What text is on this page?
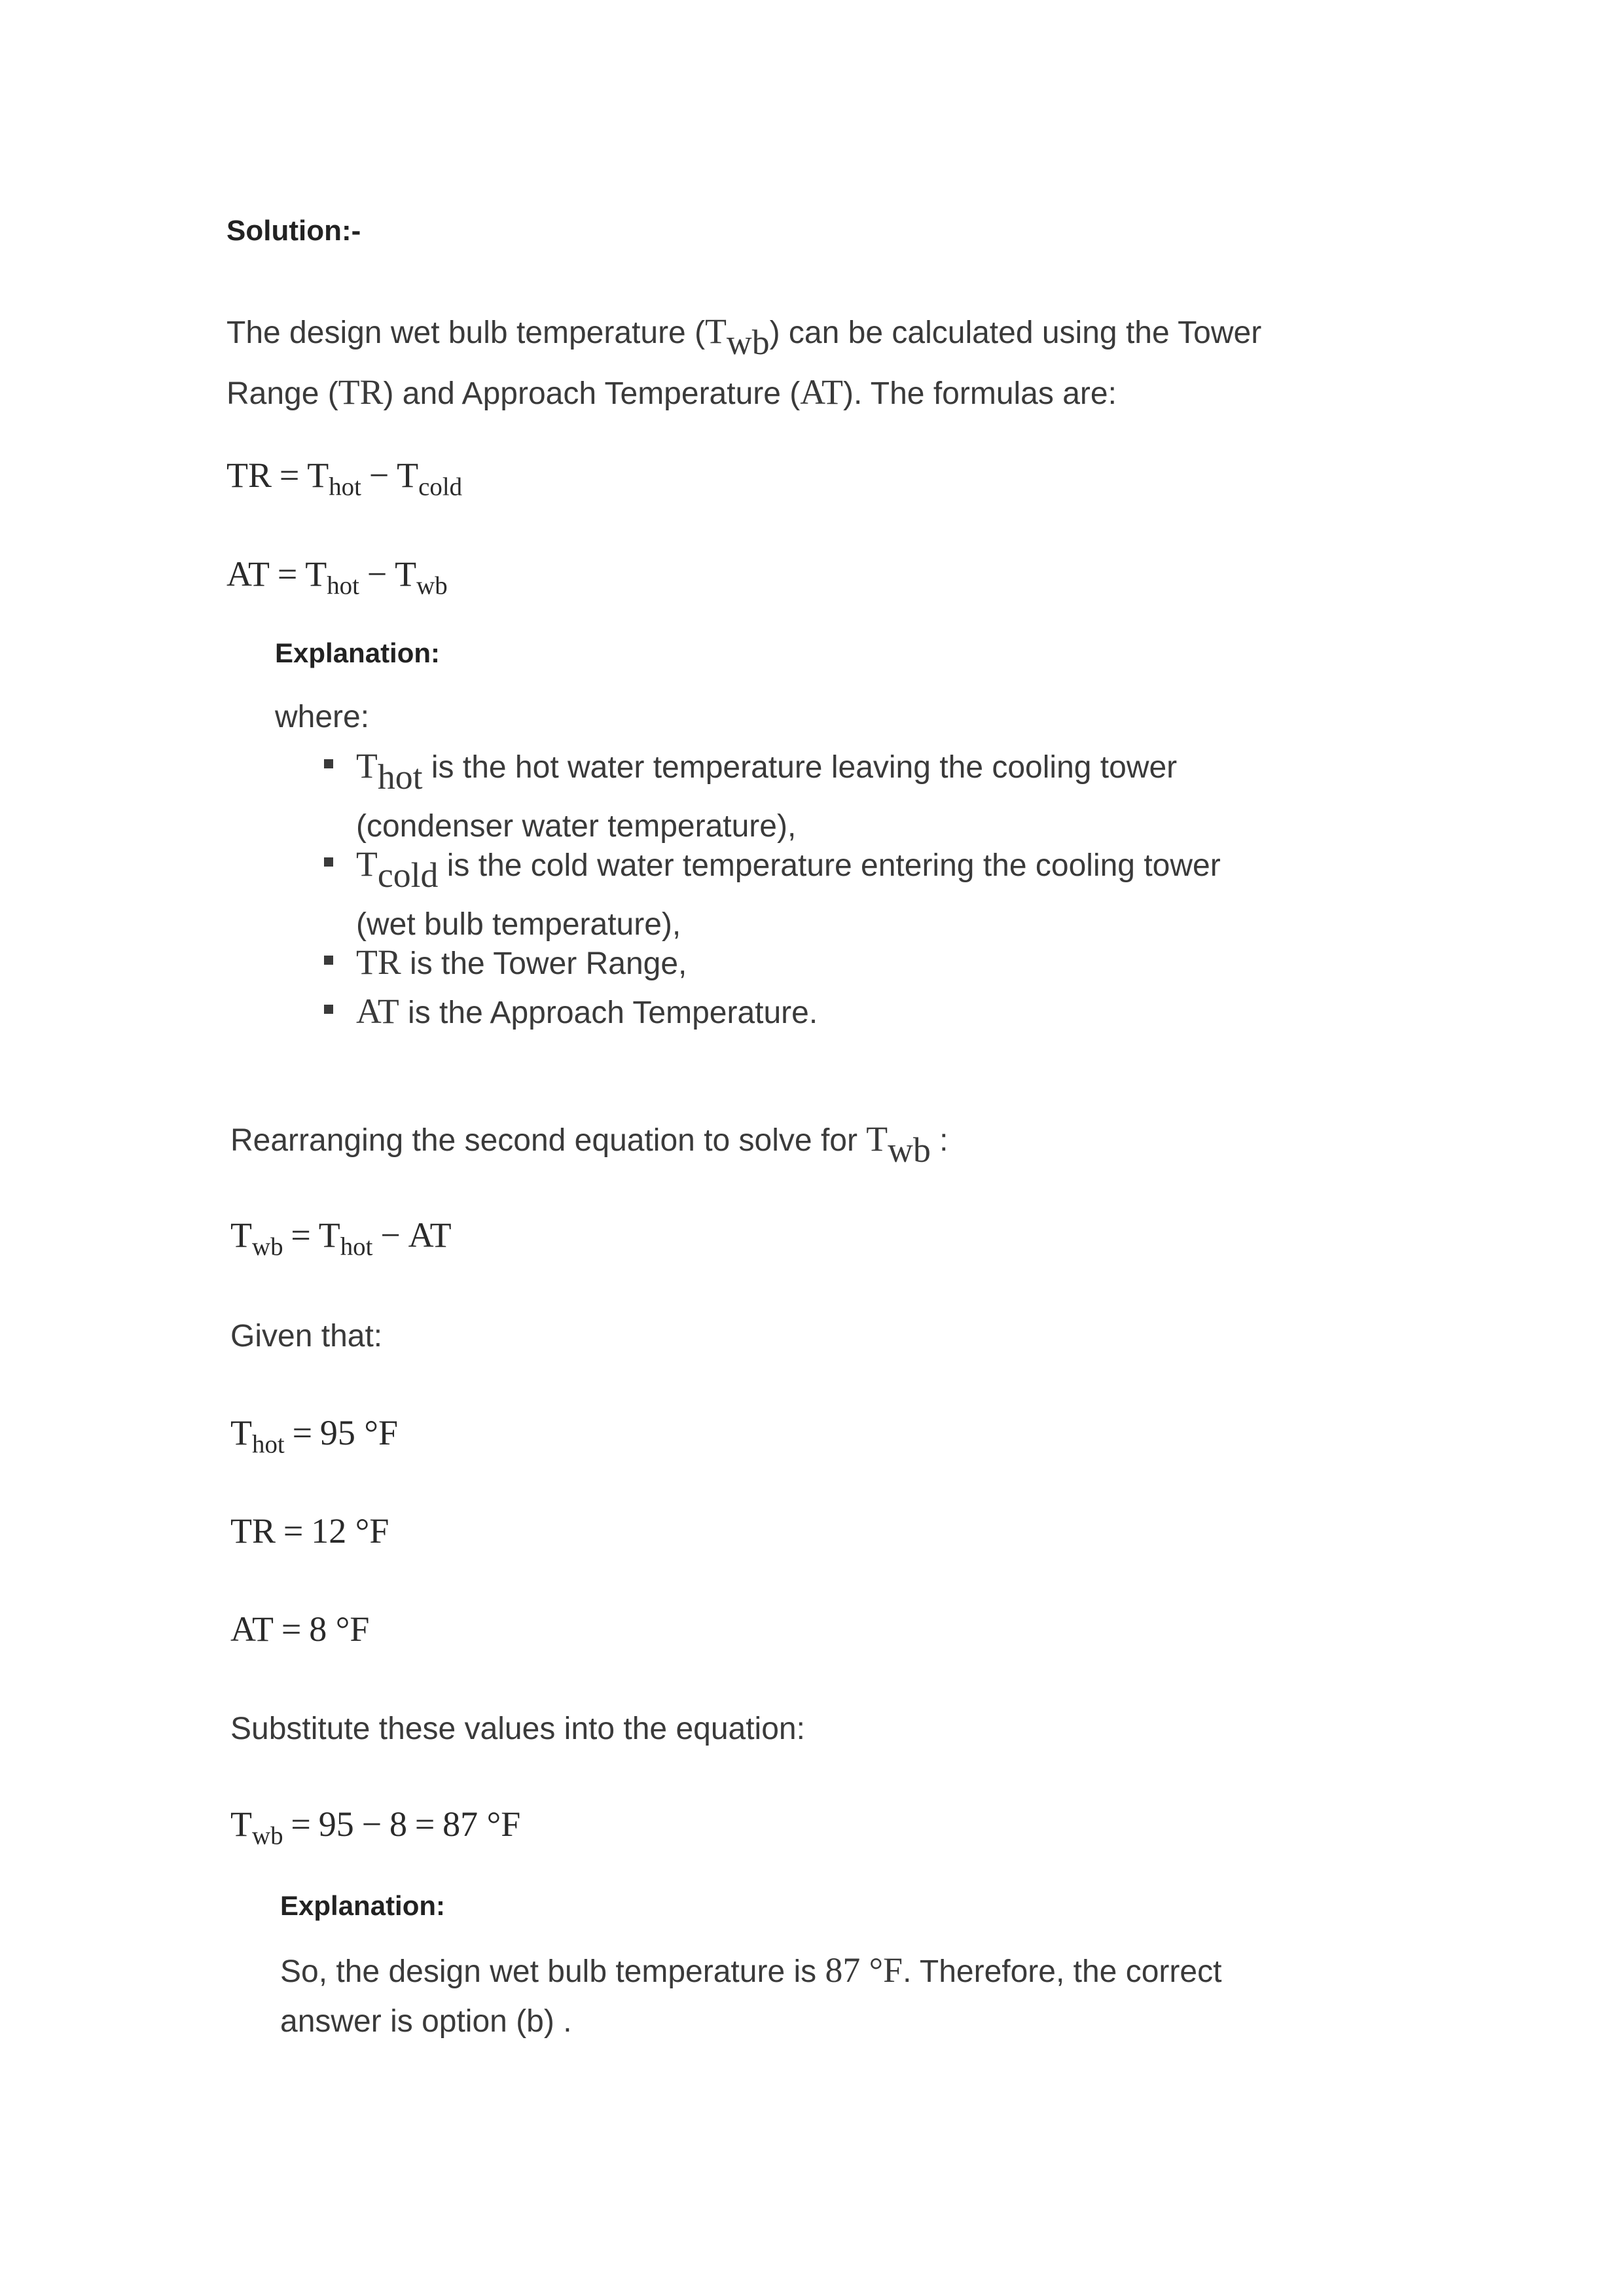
Solution:-
The design wet bulb temperature (Twb) can be calculated using the Tower
Range (TR) and Approach Temperature (AT). The formulas are:
TR = $T_{hot} - T_{cold}$
AT = $T_{hot} - T_{wb}$
Explanation:
where:
Thot is the hot water temperature leaving the cooling tower
(condenser water temperature),
Tcold is the cold water temperature entering the cooling tower
(wet bulb temperature),
TR is the Tower Range,
AT is the Approach Temperature.
Rearranging the second equation to solve for Twb :
$T_{wb} = T_{hot}$ − AT
Given that:
$T_{hot} = 95$ °F
TR = 12 °F
AT = 8 °F
Substitute these values into the equation:
$T_{wb} = 95 - 8 = 87$ °F
Explanation:
So, the design wet bulb temperature is 87 °F. Therefore, the correct
answer is option (b) .
